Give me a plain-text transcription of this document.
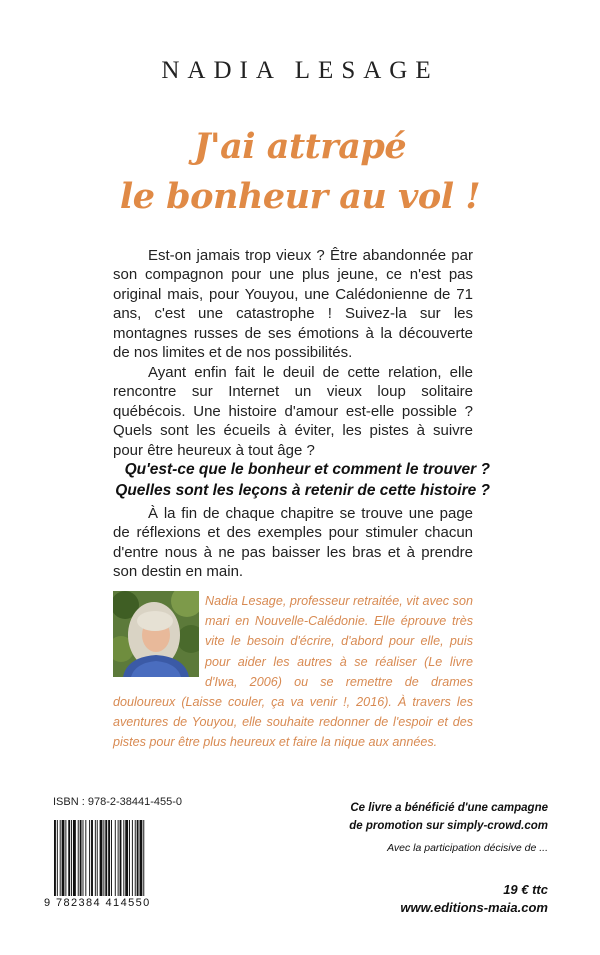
NADIA LESAGE
J'ai attrapé
le bonheur au vol !
Est-on jamais trop vieux ? Être abandonnée par son compagnon pour une plus jeune, ce n'est pas original mais, pour Youyou, une Calédonienne de 71 ans, c'est une catastrophe ! Suivez-la sur les montagnes russes de ses émotions à la découverte de nos limites et de nos possibilités.
Ayant enfin fait le deuil de cette relation, elle rencontre sur Internet un vieux loup solitaire québécois. Une histoire d'amour est-elle possible ? Quels sont les écueils à éviter, les pistes à suivre pour être heureux à tout âge ?
Qu'est-ce que le bonheur et comment le trouver ?
Quelles sont les leçons à retenir de cette histoire ?
À la fin de chaque chapitre se trouve une page de réflexions et des exemples pour stimuler chacun d'entre nous à ne pas baisser les bras et à prendre son destin en main.
Nadia Lesage, professeur retraitée, vit avec son mari en Nouvelle-Calédonie. Elle éprouve très vite le besoin d'écrire, d'abord pour elle, puis pour aider les autres à se réaliser (Le livre d'Iwa, 2006) ou se remettre de drames douloureux (Laisse couler, ça va venir !, 2016). À travers les aventures de Youyou, elle souhaite redonner de l'espoir et des pistes pour être plus heureux et faire la nique aux années.
ISBN : 978-2-38441-455-0
9 782384 414550
Ce livre a bénéficié d'une campagne
de promotion sur simply-crowd.com
Avec la participation décisive de ...
19 € ttc
www.editions-maia.com
